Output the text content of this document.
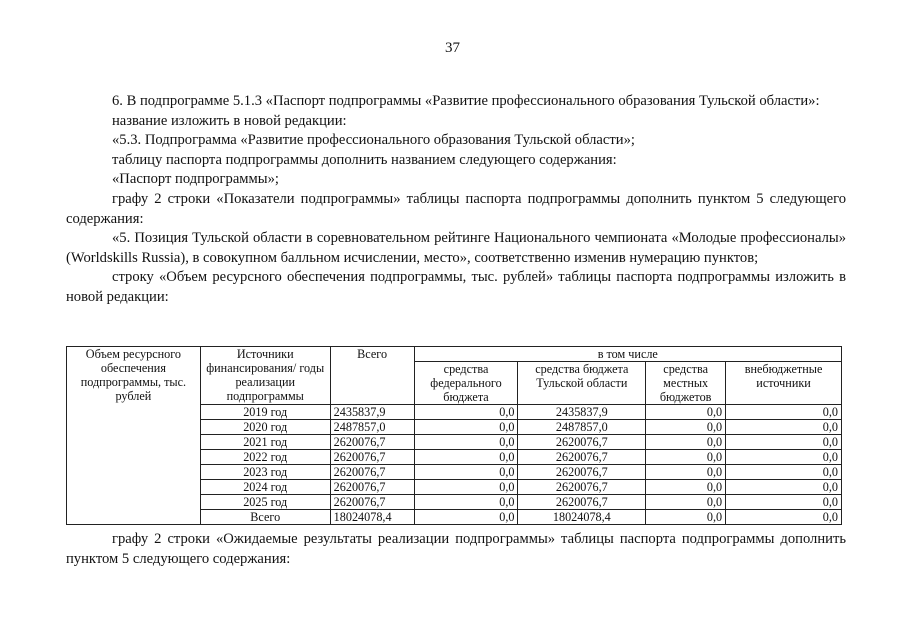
37

6. В подпрограмме 5.1.3 «Паспорт подпрограммы «Развитие профессионального образования Тульской области»:

название изложить в новой редакции:

«5.3. Подпрограмма «Развитие профессионального образования Тульской области»;

таблицу паспорта подпрограммы дополнить названием следующего содержания:

«Паспорт подпрограммы»;

графу 2 строки «Показатели подпрограммы» таблицы паспорта подпрограммы дополнить пунктом 5 следующего содержания:

«5. Позиция Тульской области в соревновательном рейтинге Национального чемпионата «Молодые профессионалы» (Worldskills Russia), в совокупном балльном исчислении, место», соответственно изменив нумерацию пунктов;

строку «Объем ресурсного обеспечения подпрограммы, тыс. рублей» таблицы паспорта подпрограммы изложить в новой редакции:

Объем ресурсного обеспечения подпрограммы, тыс. рублей	Источники финансирования/ годы реализации подпрограммы	Всего	в том числе			
			средства федерального бюджета	средства бюджета Тульской области	средства местных бюджетов	внебюджетные источники
	2019 год	2435837,9	0,0	2435837,9	0,0	0,0
	2020 год	2487857,0	0,0	2487857,0	0,0	0,0
	2021 год	2620076,7	0,0	2620076,7	0,0	0,0
	2022 год	2620076,7	0,0	2620076,7	0,0	0,0
	2023 год	2620076,7	0,0	2620076,7	0,0	0,0
	2024 год	2620076,7	0,0	2620076,7	0,0	0,0
	2025 год	2620076,7	0,0	2620076,7	0,0	0,0
	Всего	18024078,4	0,0	18024078,4	0,0	0,0

графу 2 строки «Ожидаемые результаты реализации подпрограммы» таблицы паспорта подпрограммы дополнить пунктом 5 следующего содержания:
